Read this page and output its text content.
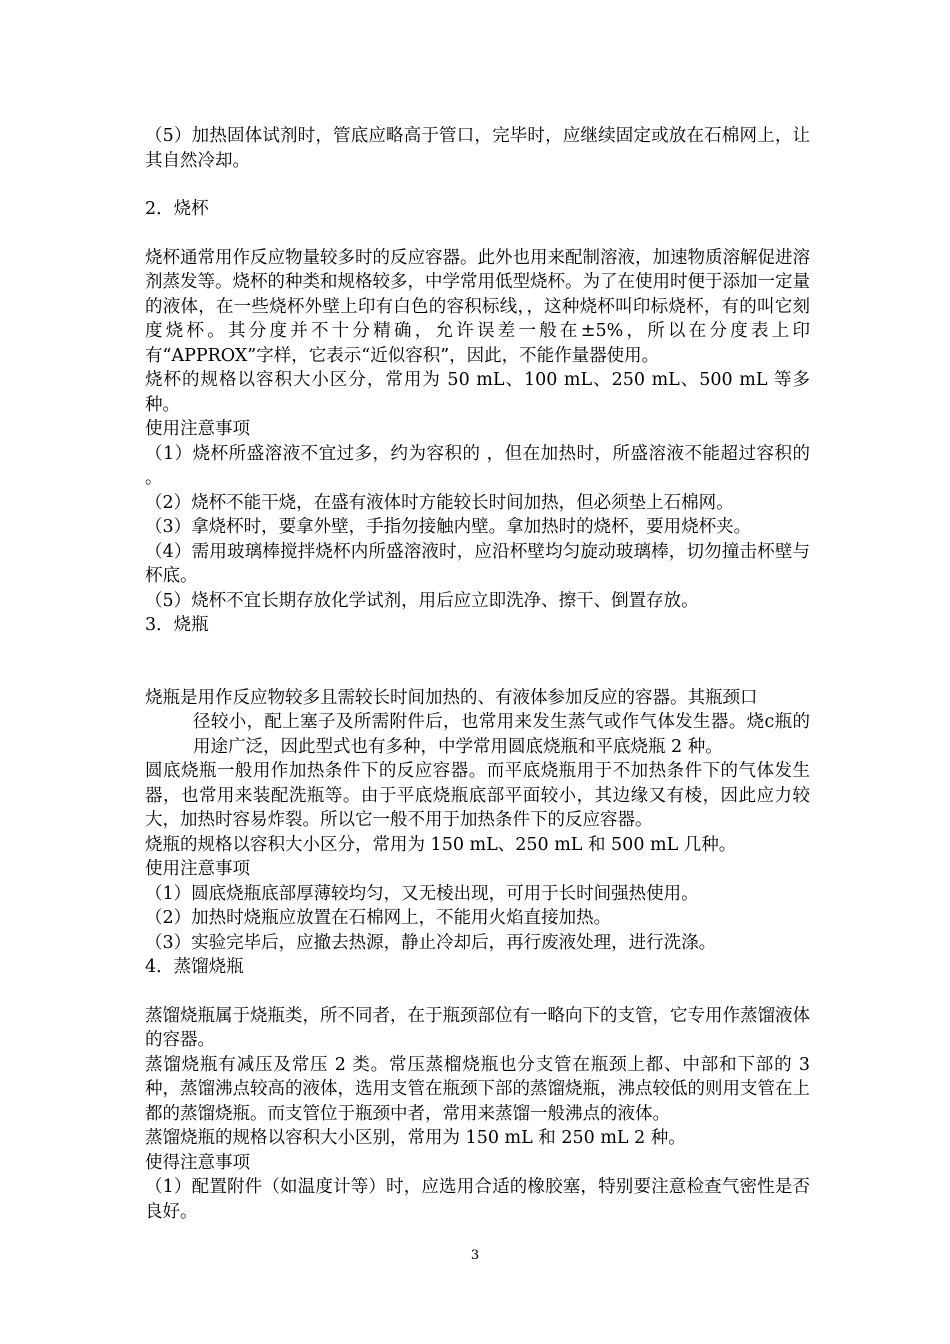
（5）加热固体试剂时，管底应略高于管口，完毕时，应继续固定或放在石棉网上，让其自然冷却。

2．烧杯

烧杯通常用作反应物量较多时的反应容器。此外也用来配制溶液，加速物质溶解促进溶剂蒸发等。烧杯的种类和规格较多，中学常用低型烧杯。为了在使用时便于添加一定量的液体，在一些烧杯外壁上印有白色的容积标线，，这种烧杯叫印标烧杯，有的叫它刻度烧杯。其分度并不十分精确，允许误差一般在±5%，所以在分度表上印有“APPROX”字样，它表示“近似容积”，因此，不能作量器使用。

烧杯的规格以容积大小区分，常用为 50 mL、100 mL、250 mL、500 mL 等多种。

使用注意事项

（1）烧杯所盛溶液不宜过多，约为容积的 ，但在加热时，所盛溶液不能超过容积的 。

（2）烧杯不能干烧，在盛有液体时方能较长时间加热，但必须垫上石棉网。

（3）拿烧杯时，要拿外壁，手指勿接触内壁。拿加热时的烧杯，要用烧杯夹。

（4）需用玻璃棒搅拌烧杯内所盛溶液时，应沿杯壁均匀旋动玻璃棒，切勿撞击杯壁与杯底。

（5）烧杯不宜长期存放化学试剂，用后应立即洗净、擦干、倒置存放。

3．烧瓶

烧瓶是用作反应物较多且需较长时间加热的、有液体参加反应的容器。其瓶颈口

径较小，配上塞子及所需附件后，也常用来发生蒸气或作气体发生器。烧c瓶的用途广泛，因此型式也有多种，中学常用圆底烧瓶和平底烧瓶 2 种。

圆底烧瓶一般用作加热条件下的反应容器。而平底烧瓶用于不加热条件下的气体发生器，也常用来装配洗瓶等。由于平底烧瓶底部平面较小，其边缘又有棱，因此应力较大，加热时容易炸裂。所以它一般不用于加热条件下的反应容器。

烧瓶的规格以容积大小区分，常用为 150 mL、250 mL 和 500 mL 几种。

使用注意事项

（1）圆底烧瓶底部厚薄较均匀，又无棱出现，可用于长时间强热使用。

（2）加热时烧瓶应放置在石棉网上，不能用火焰直接加热。

（3）实验完毕后，应撤去热源，静止冷却后，再行废液处理，进行洗涤。

4．蒸馏烧瓶

蒸馏烧瓶属于烧瓶类，所不同者，在于瓶颈部位有一略向下的支管，它专用作蒸馏液体的容器。

蒸馏烧瓶有减压及常压 2 类。常压蒸榴烧瓶也分支管在瓶颈上都、中部和下部的 3 种，蒸馏沸点较高的液体，选用支管在瓶颈下部的蒸馏烧瓶，沸点较低的则用支管在上都的蒸馏烧瓶。而支管位于瓶颈中者，常用来蒸馏一般沸点的液体。

蒸馏烧瓶的规格以容积大小区别，常用为 150 mL 和 250 mL 2 种。

使得注意事项

（1）配置附件（如温度计等）时，应选用合适的橡胶塞，特别要注意检查气密性是否良好。

3
